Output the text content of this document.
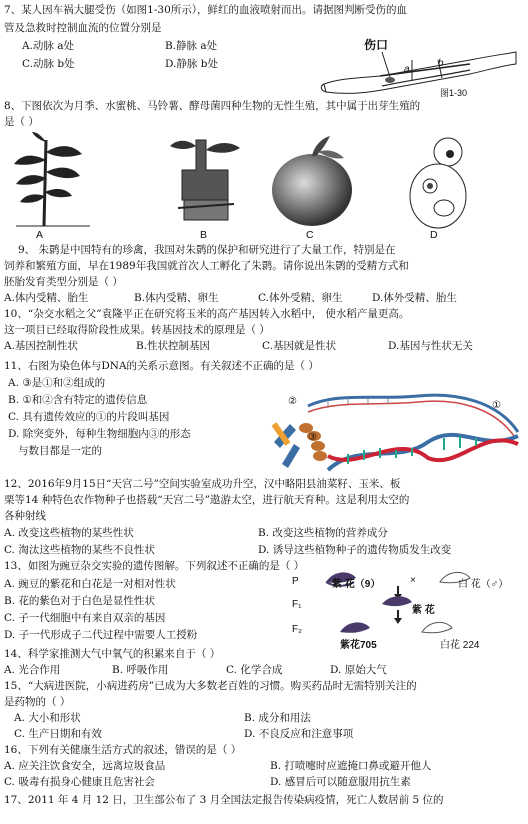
7、某人因车祸大腿受伤（如图1-30所示），鲜红的血液喷射而出。请据图判断受伤的血
管及急救时控制血流的位置分别是
A.动脉 a处	B.静脉 a处
C.动脉 b处	D.静脉 b处
伤口
a
b
图1-30
8、下图依次为月季、水蜜桃、马铃薯、酵母菌四种生物的无性生殖，其中属于出芽生殖的
是（ ）
A	B	C	D
9、 朱鹮是中国特有的珍禽，我国对朱鹮的保护和研究进行了大量工作，特别是在
饲养和繁殖方面，早在1989年我国就首次人工孵化了朱鹮。请你说出朱鹮的受精方式和
胚胎发育类型分别是（ ）
A.体内受精、胎生	B.体内受精、卵生	C.体外受精、卵生	D.体外受精、胎生
10、“杂交水稻之父”袁隆平正在研究将玉米的高产基因转入水稻中， 使水稻产量更高。
这一项目已经取得阶段性成果。转基因技术的原理是（ ）
A.基因控制性状	B.性状控制基因	C.基因就是性状	D.基因与性状无关
11、右图为染色体与DNA的关系示意图。有关叙述不正确的是（ ）
A. ③是①和②组成的
B. ①和②含有特定的遗传信息
C. 具有遗传效应的①的片段叫基因
D. 除突变外，每种生物细胞内③的形态
与数目都是一定的
②	①
③
12、2016年9月15日“天宫二号”空间实验室成功升空，汉中略阳县油菜籽、玉米、板
栗等14 种特色农作物种子也搭载“天宫二号”遨游太空，进行航天育种。这是利用太空的
各种射线
A. 改变这些植物的某些性状	B. 改变这些植物的营养成分
C. 淘汰这些植物的某些不良性状	D. 诱导这些植物种子的遗传物质发生改变
13、如图为豌豆杂交实验的遗传图解。下列叙述不正确的是（ ）
A. 豌豆的紫花和白花是一对相对性状
B. 花的紫色对于白色是显性性状
C. 子一代细胞中有来自双亲的基因
D. 子一代形成子二代过程中需要人工授粉
P	紫 花（9）	×	白 花（♂）
F₁
紫 花
F₂
紫花705	白花 224
14、科学家推测大气中氧气的积累来自于（ ）
A. 光合作用	B. 呼吸作用	C. 化学合成	D. 原始大气
15、“大病进医院，小病进药房”已成为大多数老百姓的习惯。购买药品时无需特别关注的
是药物的（ ）
A. 大小和形状	B. 成分和用法
C. 生产日期和有效	D. 不良反应和注意事项
16、下列有关健康生活方式的叙述，错误的是（ ）
A. 应关注饮食安全，远离垃圾食品	B. 打喷嚏时应遮掩口鼻或避开他人
C. 吸毒有损身心健康且危害社会	D. 感冒后可以随意服用抗生素
17、2011 年 4 月 12 日，卫生部公布了 3 月全国法定报告传染病疫情，死亡人数居前 5 位的
